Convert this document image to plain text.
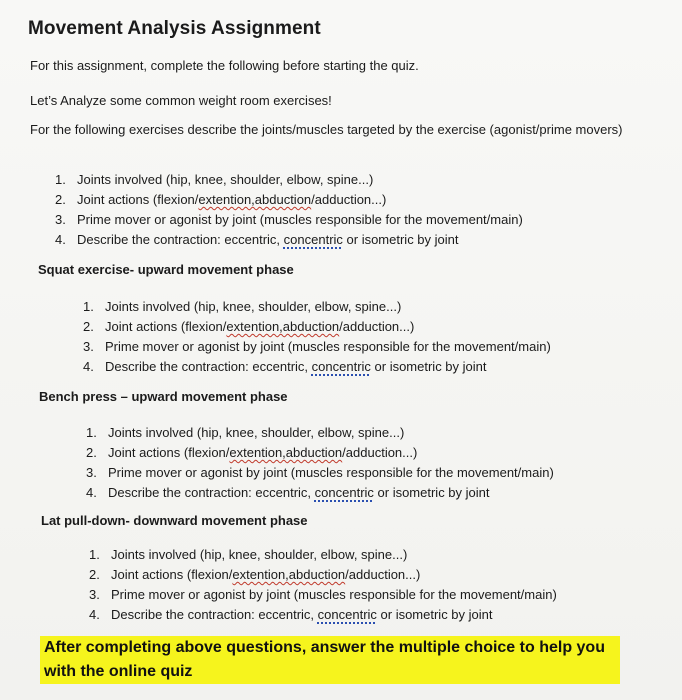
Movement Analysis Assignment
For this assignment, complete the following before starting the quiz.
Let’s Analyze some common weight room exercises!
For the following exercises describe the joints/muscles targeted by the exercise (agonist/prime movers)
1. Joints involved (hip, knee, shoulder, elbow, spine...)
2. Joint actions (flexion/extention,abduction/adduction...)
3. Prime mover or agonist by joint (muscles responsible for the movement/main)
4. Describe the contraction: eccentric, concentric or isometric by joint
Squat exercise- upward movement phase
1. Joints involved (hip, knee, shoulder, elbow, spine...)
2. Joint actions (flexion/extention,abduction/adduction...)
3. Prime mover or agonist by joint (muscles responsible for the movement/main)
4. Describe the contraction: eccentric, concentric or isometric by joint
Bench press – upward movement phase
1. Joints involved (hip, knee, shoulder, elbow, spine...)
2. Joint actions (flexion/extention,abduction/adduction...)
3. Prime mover or agonist by joint (muscles responsible for the movement/main)
4. Describe the contraction: eccentric, concentric or isometric by joint
Lat pull-down- downward movement phase
1. Joints involved (hip, knee, shoulder, elbow, spine...)
2. Joint actions (flexion/extention,abduction/adduction...)
3. Prime mover or agonist by joint (muscles responsible for the movement/main)
4. Describe the contraction: eccentric, concentric or isometric by joint
After completing above questions, answer the multiple choice to help you with the online quiz
